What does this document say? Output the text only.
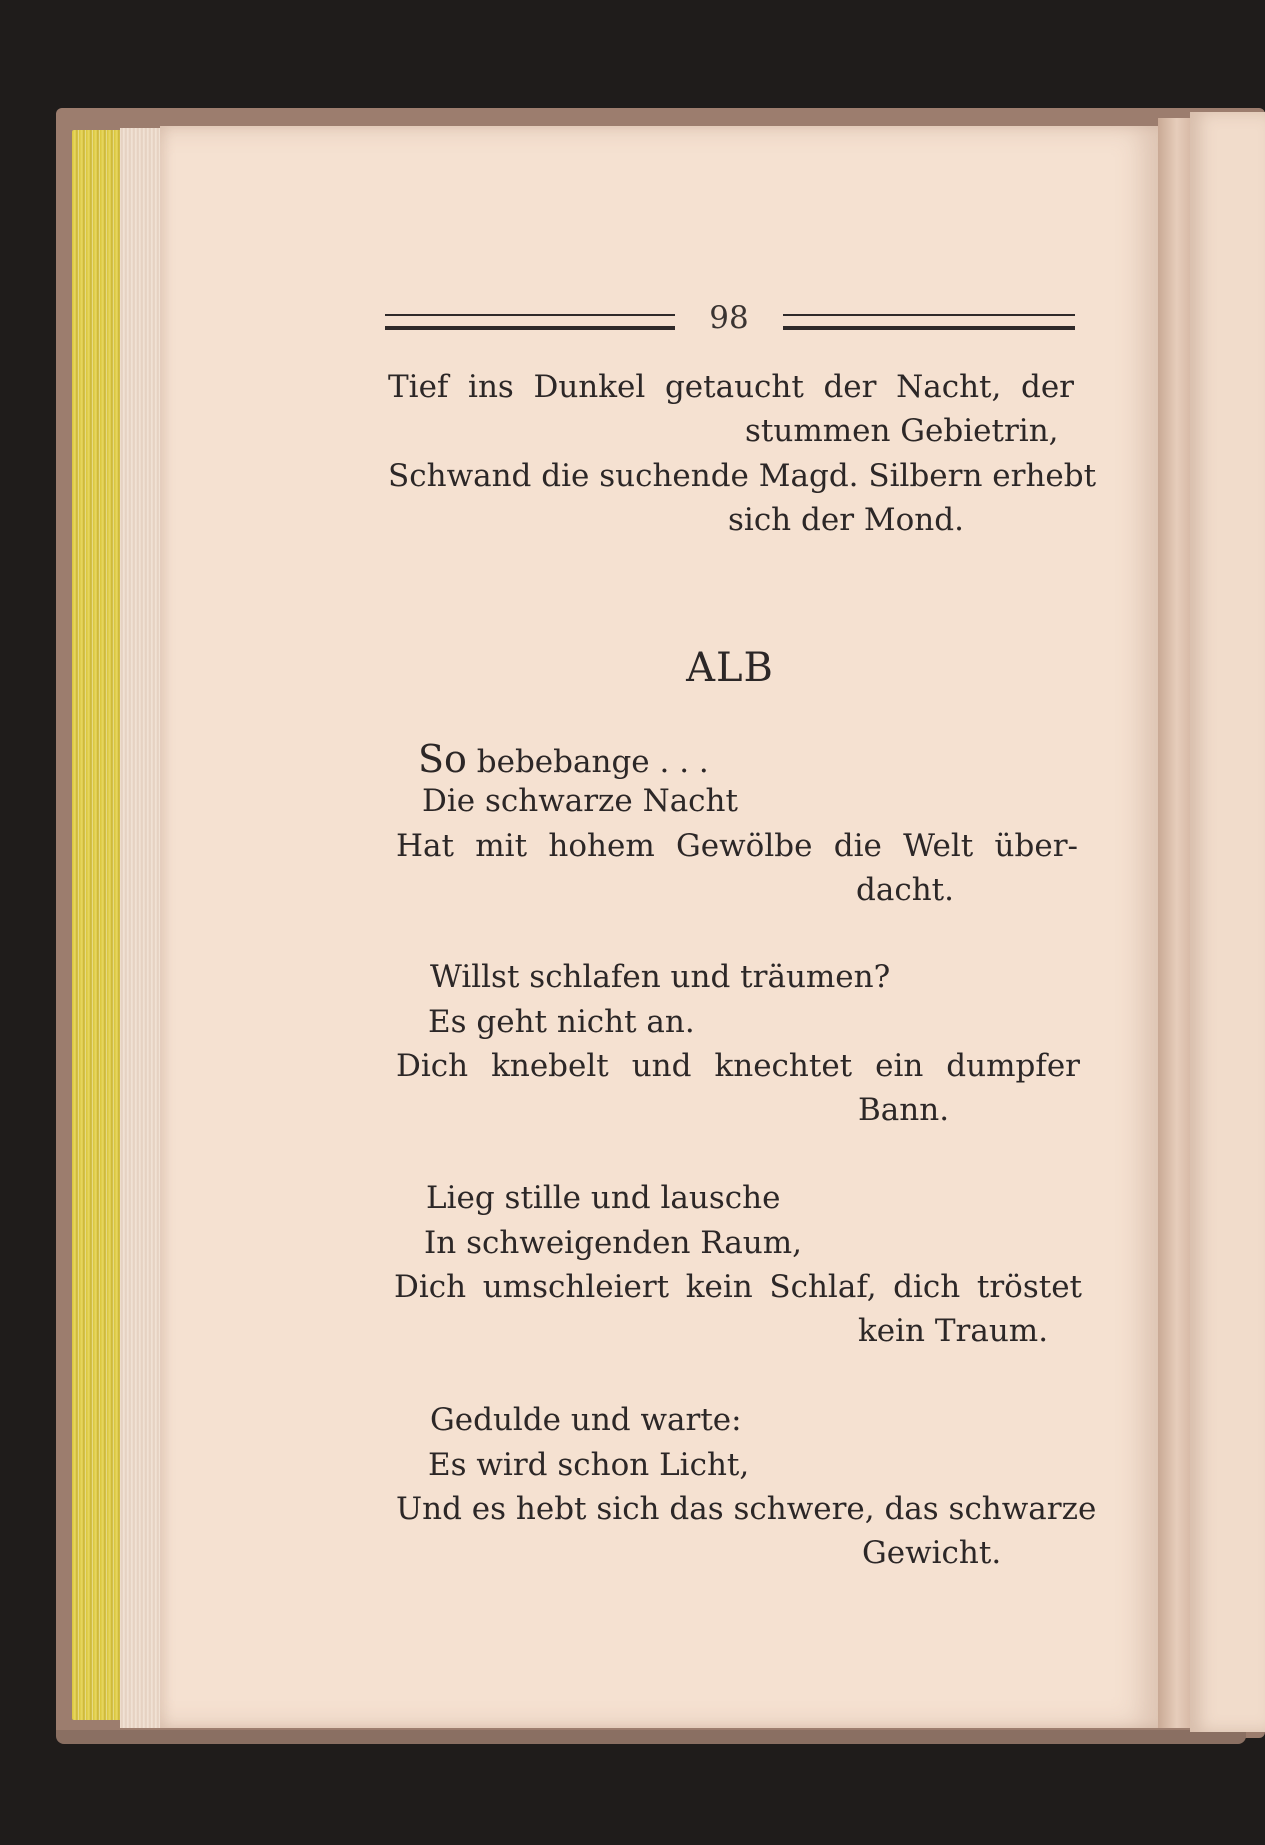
98
Tief ins Dunkel getaucht der Nacht, der
stummen Gebietrin,
Schwand die suchende Magd. Silbern erhebt
sich der Mond.
ALB
So bebebange . . .
Die schwarze Nacht
Hat mit hohem Gewölbe die Welt über-
dacht.
Willst schlafen und träumen?
Es geht nicht an.
Dich knebelt und knechtet ein dumpfer
Bann.
Lieg stille und lausche
In schweigenden Raum,
Dich umschleiert kein Schlaf, dich tröstet
kein Traum.
Gedulde und warte:
Es wird schon Licht,
Und es hebt sich das schwere, das schwarze
Gewicht.
